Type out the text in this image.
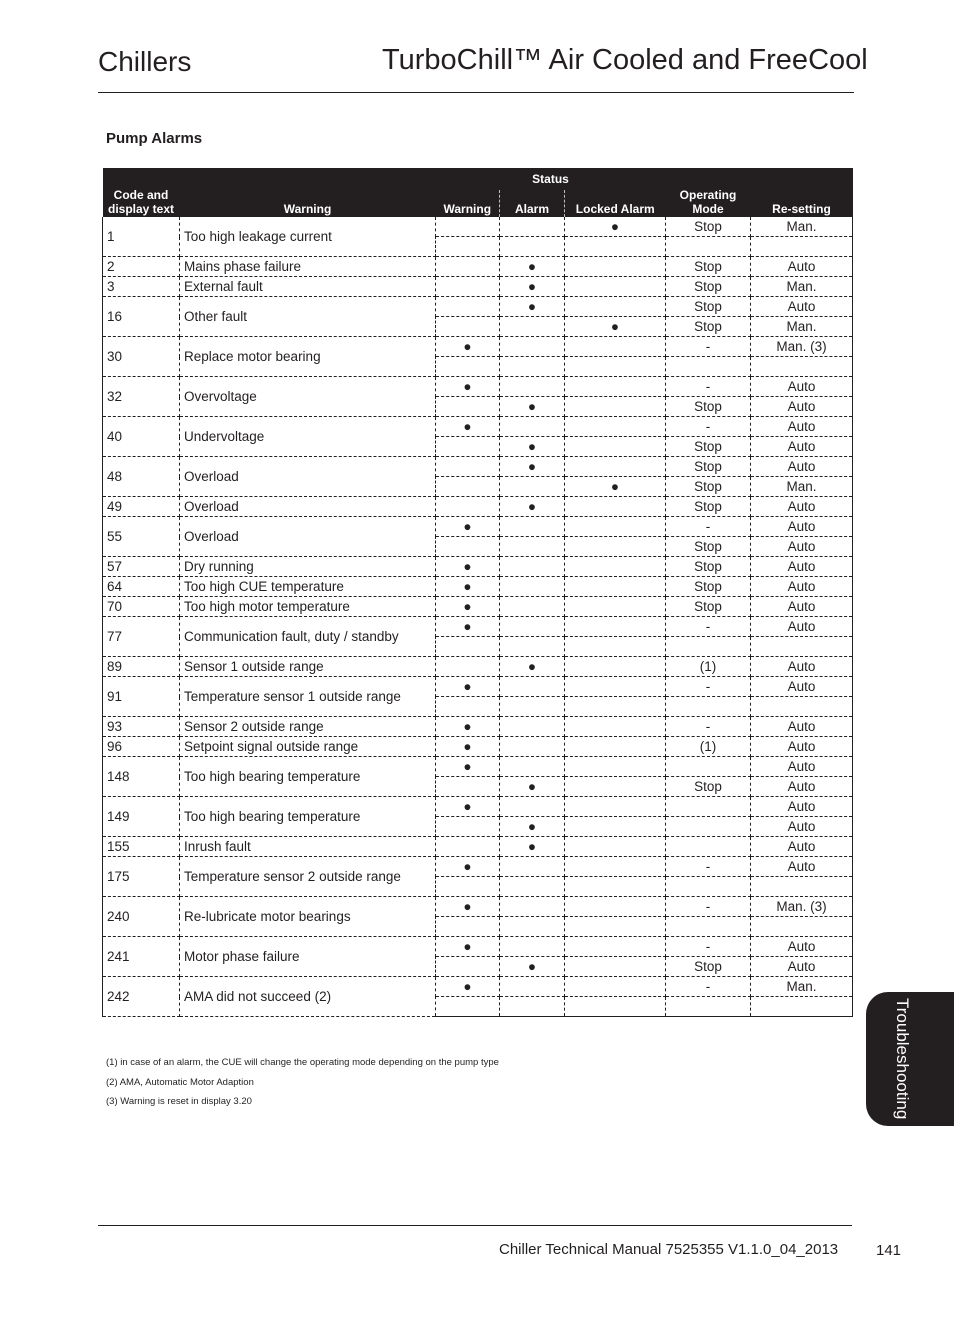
Chillers	TurboChill™ Air Cooled and FreeCool
Pump Alarms
Code and display text	Warning	Status			Operating Mode	Re-setting
		Warning	Alarm	Locked Alarm		
1	Too high leakage current			●	Stop	Man.

2	Mains phase failure		●		Stop	Auto
3	External fault		●		Stop	Man.
16	Other fault		●		Stop	Auto
				●	Stop	Man.
30	Replace motor bearing	●			-	Man. (3)

32	Overvoltage	●			-	Auto
			●		Stop	Auto
40	Undervoltage	●			-	Auto
			●		Stop	Auto
48	Overload		●		Stop	Auto
				●	Stop	Man.
49	Overload		●		Stop	Auto
55	Overload	●			-	Auto
					Stop	Auto
57	Dry running	●			Stop	Auto
64	Too high CUE temperature	●			Stop	Auto
70	Too high motor temperature	●			Stop	Auto
77	Communication fault, duty / standby	●			-	Auto

89	Sensor 1 outside range		●		(1)	Auto
91	Temperature sensor 1 outside range	●			-	Auto

93	Sensor 2 outside range	●			-	Auto
96	Setpoint signal outside range	●			(1)	Auto
148	Too high bearing temperature	●				Auto
			●		Stop	Auto
149	Too high bearing temperature	●				Auto
			●			Auto
155	Inrush fault		●			Auto
175	Temperature sensor 2 outside range	●			-	Auto

240	Re-lubricate motor bearings	●			-	Man. (3)

241	Motor phase failure	●			-	Auto
			●		Stop	Auto
242	AMA did not succeed (2)	●			-	Man.

(1) in case of an alarm, the CUE will change the operating mode depending on the pump type
(2) AMA, Automatic Motor Adaption
(3) Warning is reset in display 3.20	Troubleshooting
Chiller Technical Manual 7525355 V1.1.0_04_2013	141
